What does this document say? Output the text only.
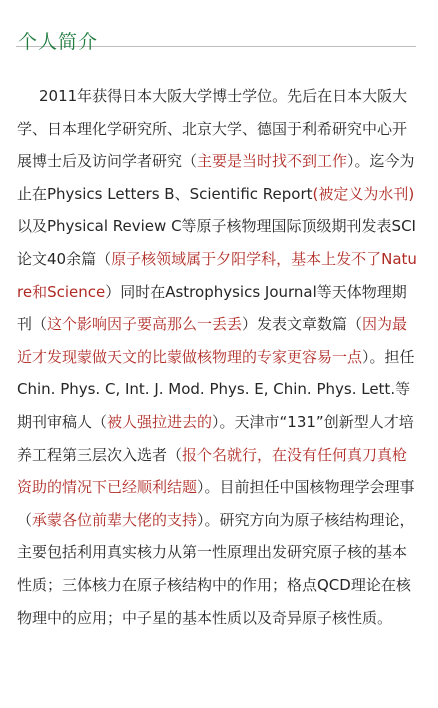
个人简介

2011年获得日本大阪大学博士学位。先后在日本大阪大学、日本理化学研究所、北京大学、德国于利希研究中心开展博士后及访问学者研究（主要是当时找不到工作）。迄今为止在Physics Letters B、Scientific Report(被定义为水刊)以及Physical Review C等原子核物理国际顶级期刊发表SCI论文40余篇（原子核领域属于夕阳学科，基本上发不了Nature和Science）同时在Astrophysics Journal等天体物理期刊（这个影响因子要高那么一丢丢）发表文章数篇（因为最近才发现蒙做天文的比蒙做核物理的专家更容易一点）。担任Chin. Phys. C, Int. J. Mod. Phys. E, Chin. Phys. Lett.等期刊审稿人（被人强拉进去的）。天津市“131”创新型人才培养工程第三层次入选者（报个名就行，在没有任何真刀真枪资助的情况下已经顺利结题）。目前担任中国核物理学会理事（承蒙各位前辈大佬的支持）。研究方向为原子核结构理论，主要包括利用真实核力从第一性原理出发研究原子核的基本性质；三体核力在原子核结构中的作用；格点QCD理论在核物理中的应用；中子星的基本性质以及奇异原子核性质。
